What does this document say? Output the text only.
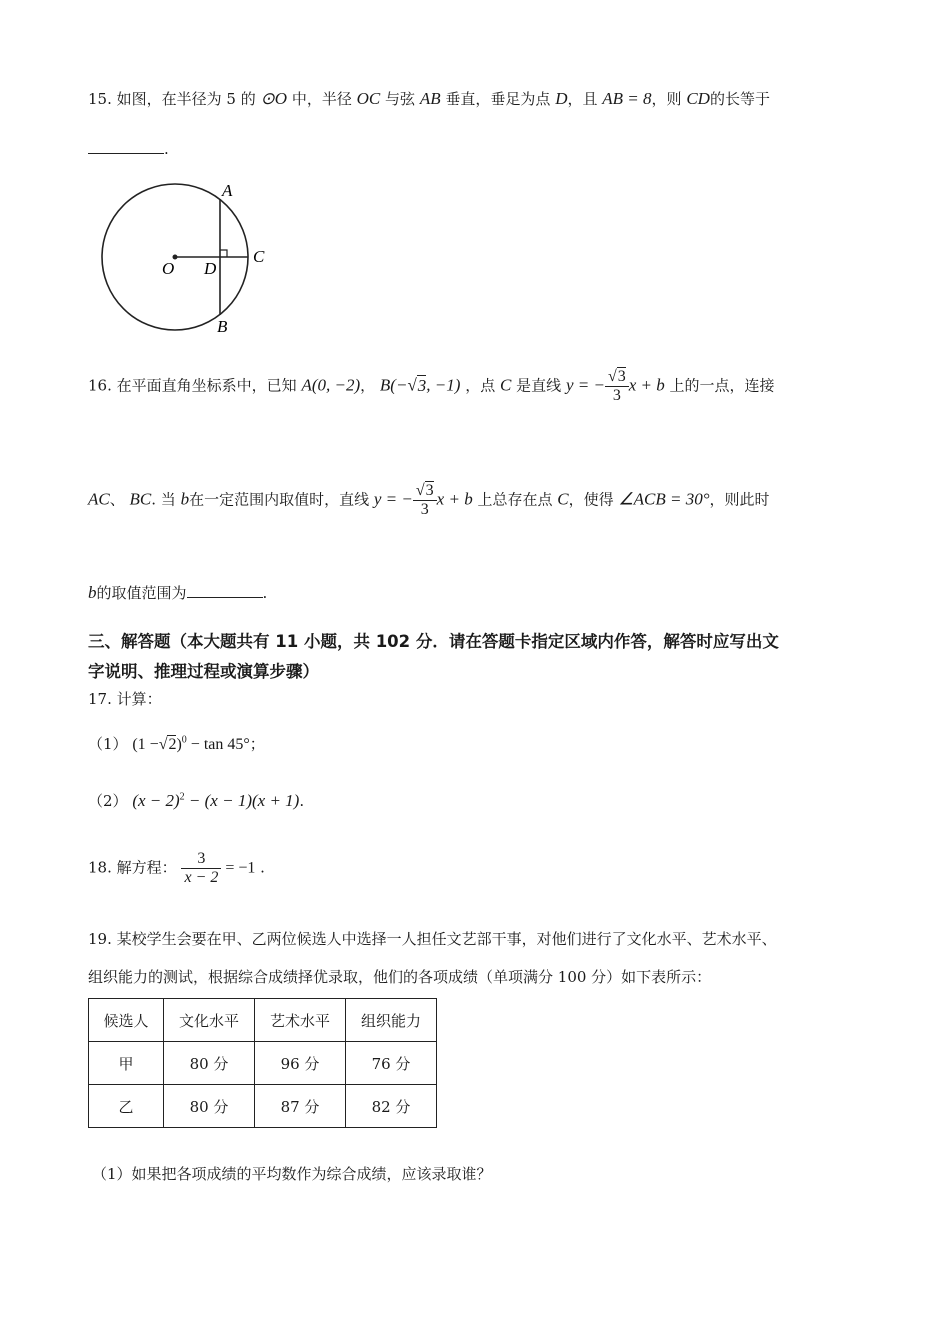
15. 如图，在半径为 5 的 ⊙O 中，半径 OC 与弦 AB 垂直，垂足为点 D，且 AB = 8，则 CD的长等于
.
A
B
C
D
O
16. 在平面直角坐标系中，已知 A(0, −2)， B(−√3, −1) ，点 C 是直线 y = − $\frac{√3}{3}$ x + b 上的一点，连接
AC、 BC. 当 b在一定范围内取值时，直线 y = − $\frac{√3}{3}$ x + b 上总存在点 C，使得 ∠ACB = 30°，则此时
b的取值范围为	.
三、解答题（本大题共有 11 小题，共 102 分．请在答题卡指定区域内作答，解答时应写出文
字说明、推理过程或演算步骤）
17. 计算：
（1） $(1 -√2)^0 - \tan 45^\circ$；
（2） $(x - 2)^2 - (x - 1)(x + 1)$.
18. 解方程： $\frac{3}{x - 2} = -1$ .
19. 某校学生会要在甲、乙两位候选人中选择一人担任文艺部干事，对他们进行了文化水平、艺术水平、
组织能力的测试，根据综合成绩择优录取，他们的各项成绩（单项满分 100 分）如下表所示：
候选人	文化水平	艺术水平	组织能力
甲	80 分	96 分	76 分
乙	80 分	87 分	82 分
（1）如果把各项成绩的平均数作为综合成绩，应该录取谁？
